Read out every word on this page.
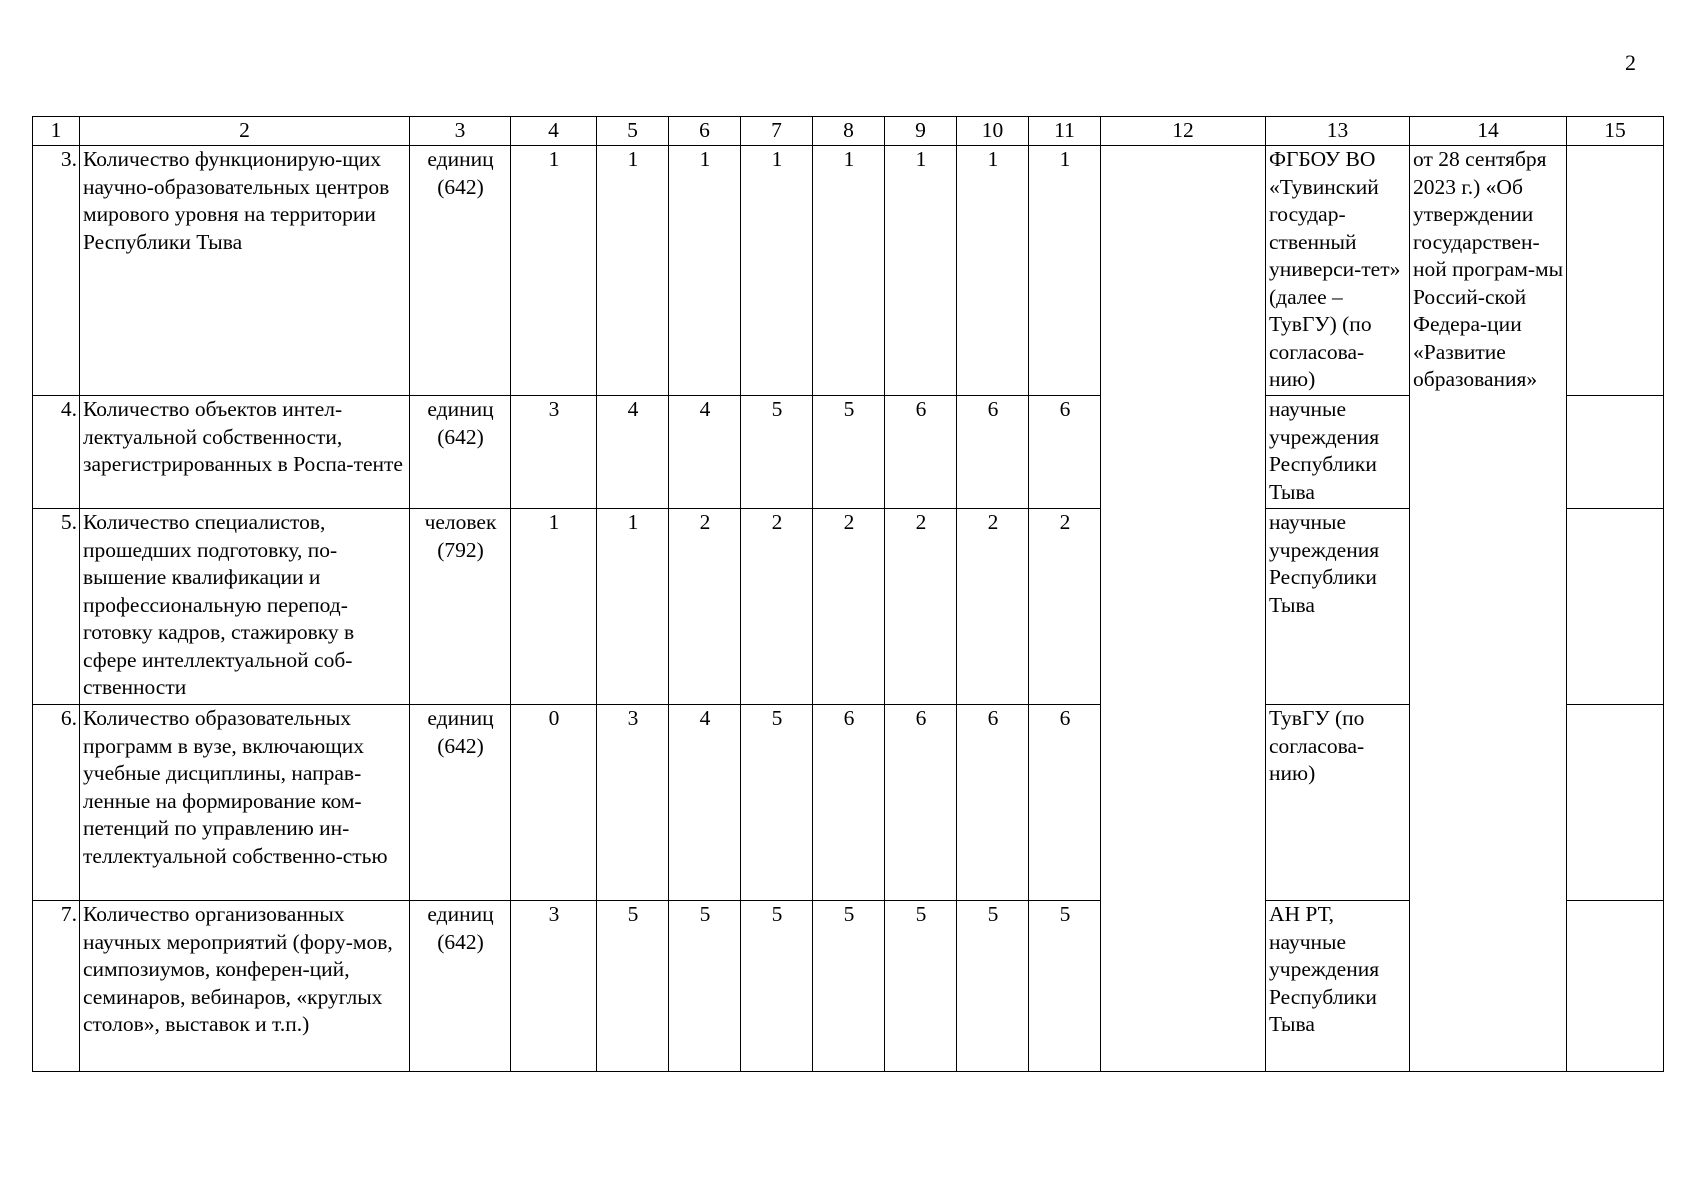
2
1	2	3	4	5	6	7	8	9	10	11	12	13	14	15
3.	Количество функционирую-щих научно-образовательных центров мирового уровня на территории Республики Тыва	единиц (642)	1	1	1	1	1	1	1	1		ФГБОУ ВО «Тувинский государ-ственный универси-тет» (далее – ТувГУ) (по согласова-нию)	от 28 сентября 2023 г.) «Об утверждении государствен-ной програм-мы Россий-ской Федера-ции «Развитие образования»	
4.	Количество объектов интел-лектуальной собственности, зарегистрированных в Роспа-тенте	единиц (642)	3	4	4	5	5	6	6	6		научные учреждения Республики Тыва		
5.	Количество специалистов, прошедших подготовку, по-вышение квалификации и профессиональную перепод-готовку кадров, стажировку в сфере интеллектуальной соб-ственности	человек (792)	1	1	2	2	2	2	2	2		научные учреждения Республики Тыва		
6.	Количество образовательных программ в вузе, включающих учебные дисциплины, направ-ленные на формирование ком-петенций по управлению ин-теллектуальной собственно-стью	единиц (642)	0	3	4	5	6	6	6	6		ТувГУ (по согласова-нию)		
7.	Количество организованных научных мероприятий (фору-мов, симпозиумов, конферен-ций, семинаров, вебинаров, «круглых столов», выставок и т.п.)	единиц (642)	3	5	5	5	5	5	5	5		АН РТ, научные учреждения Республики Тыва		
